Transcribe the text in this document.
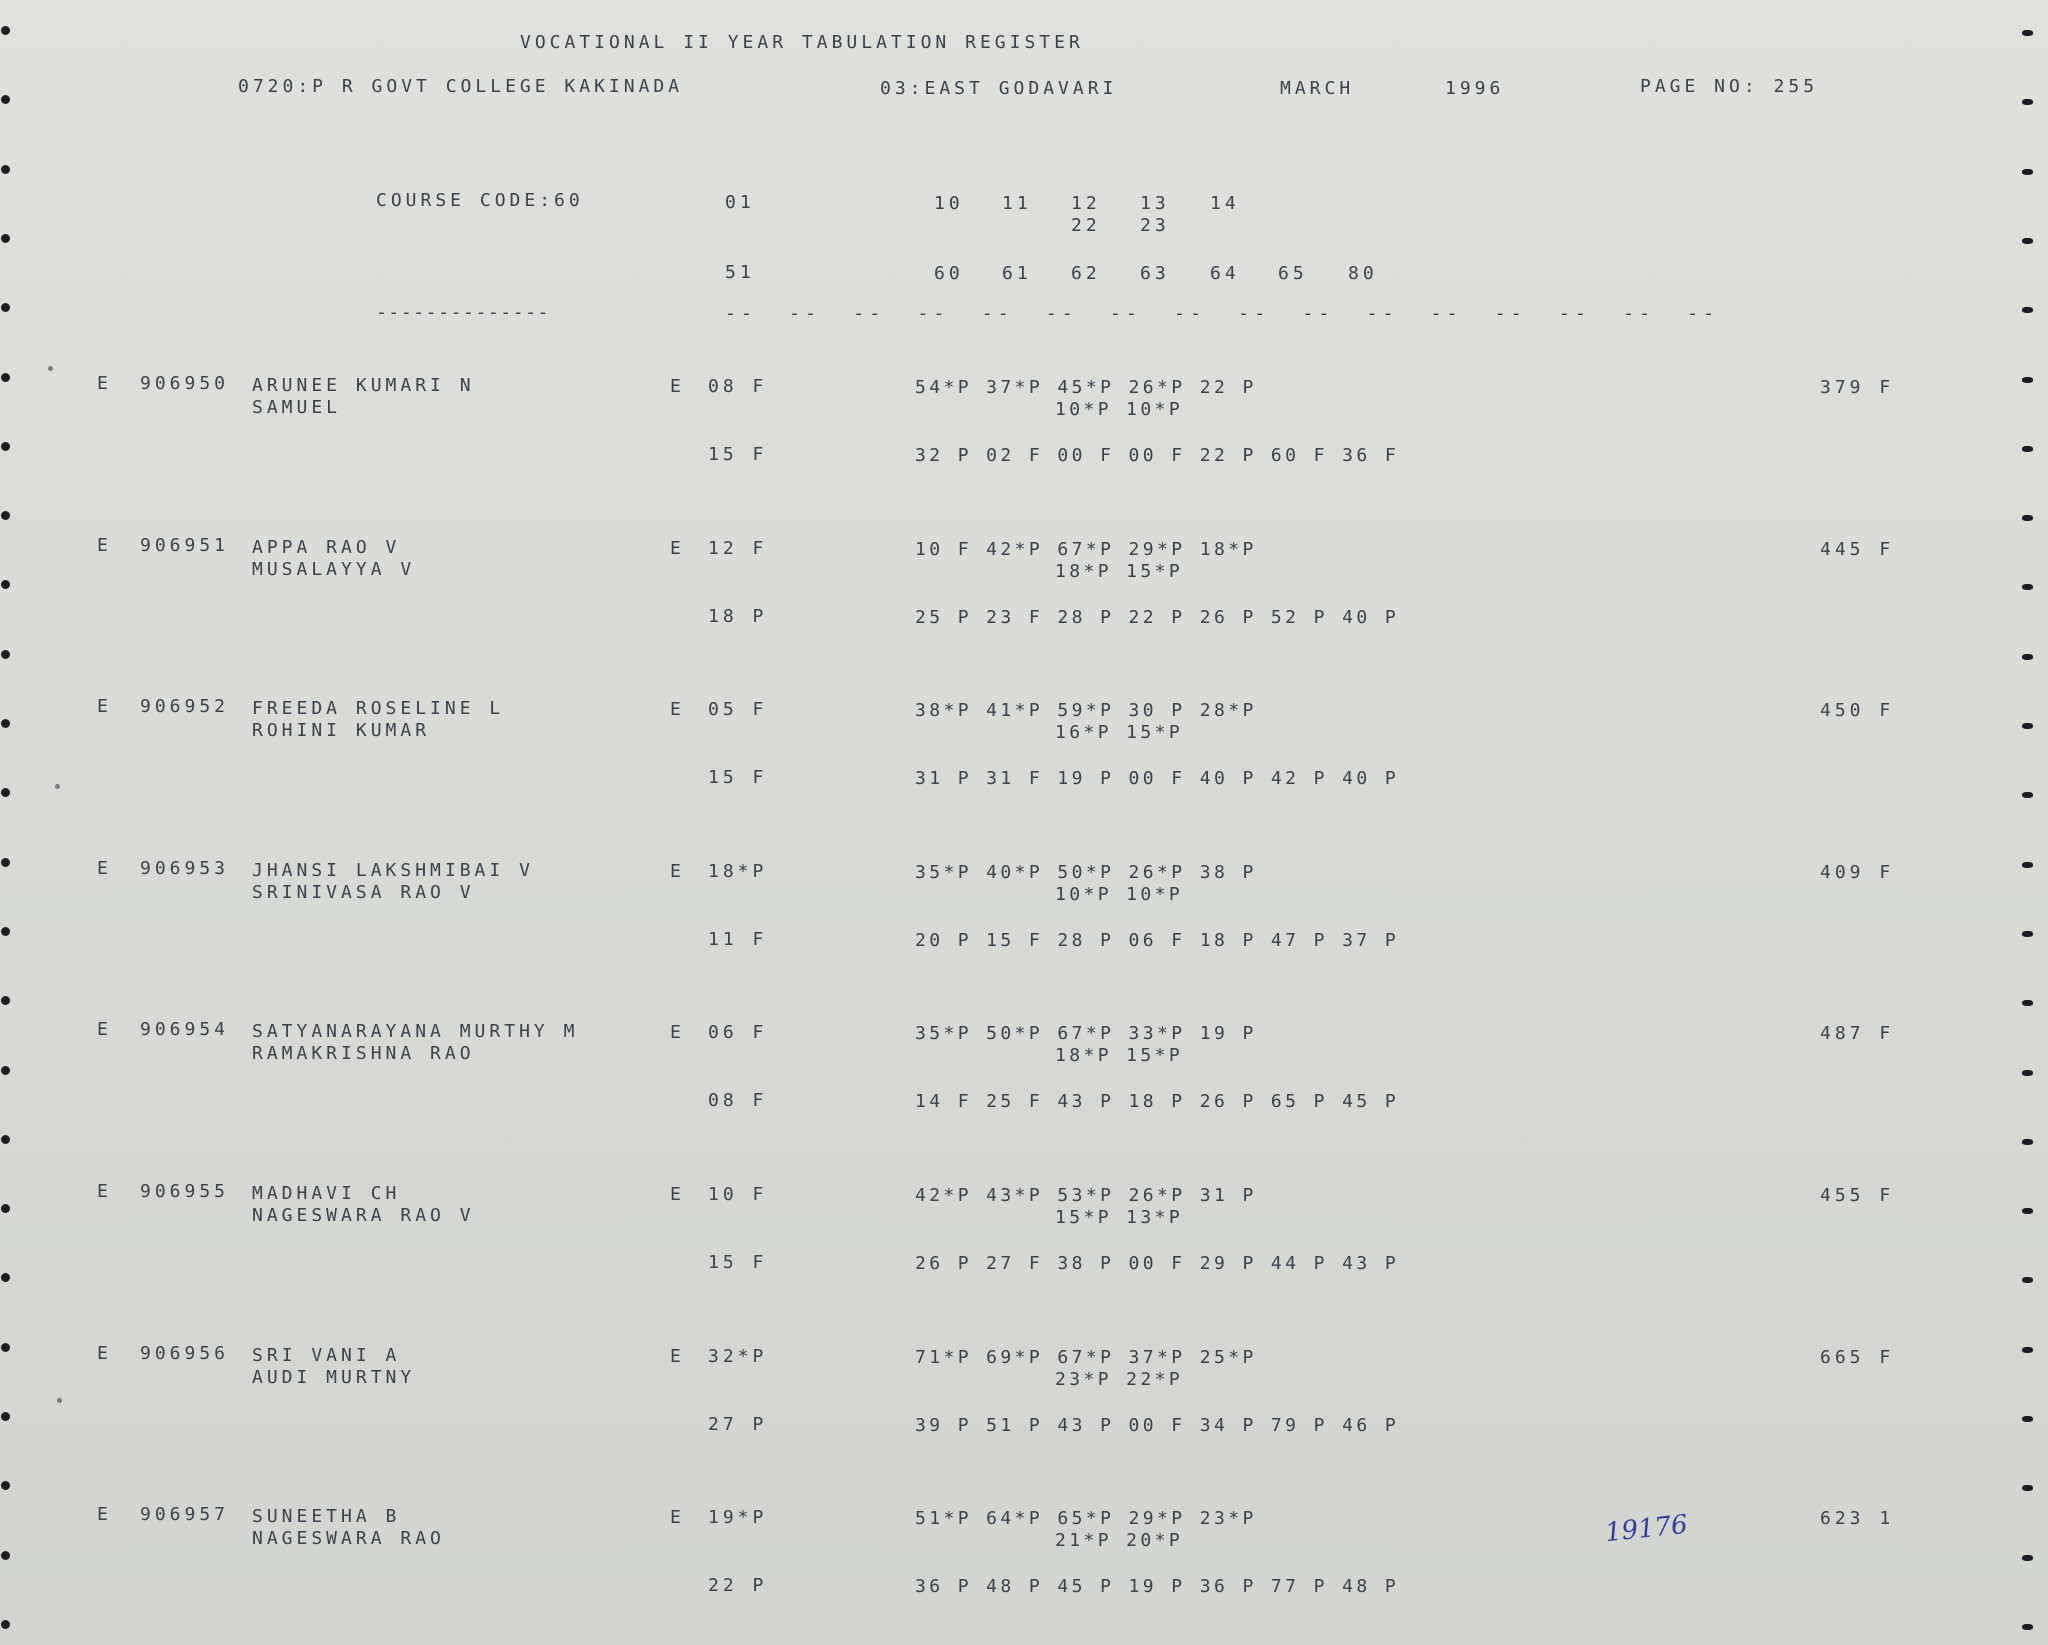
VOCATIONAL II YEAR TABULATION REGISTER
0720:P R GOVT COLLEGE KAKINADA	03:EAST GODAVARI	MARCH	1996	PAGE NO: 255
COURSE CODE:60	01	10 11 12 13 14
22 23
51	60 61 62 63 64 65 80
--------------	--  --  --  --  --  --  --  --  --  --  --  --  --  --  --  --
E 906950 ARUNEE KUMARI N
SAMUEL
E 08 F	54*P 37*P 45*P 26*P 22 P
10*P 10*P
15 F	32 P 02 F 00 F 00 F 22 P 60 F 36 F
379 F
E 906951 APPA RAO V
MUSALAYYA V
E 12 F	10 F 42*P 67*P 29*P 18*P
18*P 15*P
18 P	25 P 23 F 28 P 22 P 26 P 52 P 40 P
445 F
E 906952 FREEDA ROSELINE L
ROHINI KUMAR
E 05 F	38*P 41*P 59*P 30 P 28*P
16*P 15*P
15 F	31 P 31 F 19 P 00 F 40 P 42 P 40 P
450 F
E 906953 JHANSI LAKSHMIBAI V
SRINIVASA RAO V
E 18*P	35*P 40*P 50*P 26*P 38 P
10*P 10*P
11 F	20 P 15 F 28 P 06 F 18 P 47 P 37 P
409 F
E 906954 SATYANARAYANA MURTHY M
RAMAKRISHNA RAO
E 06 F	35*P 50*P 67*P 33*P 19 P
18*P 15*P
08 F	14 F 25 F 43 P 18 P 26 P 65 P 45 P
487 F
E 906955 MADHAVI CH
NAGESWARA RAO V
E 10 F	42*P 43*P 53*P 26*P 31 P
15*P 13*P
15 F	26 P 27 F 38 P 00 F 29 P 44 P 43 P
455 F
E 906956 SRI VANI A
AUDI MURTNY
E 32*P	71*P 69*P 67*P 37*P 25*P
23*P 22*P
27 P	39 P 51 P 43 P 00 F 34 P 79 P 46 P
665 F
E 906957 SUNEETHA B
NAGESWARA RAO
E 19*P	51*P 64*P 65*P 29*P 23*P
21*P 20*P
22 P	36 P 48 P 45 P 19 P 36 P 77 P 48 P
623 1
19176
